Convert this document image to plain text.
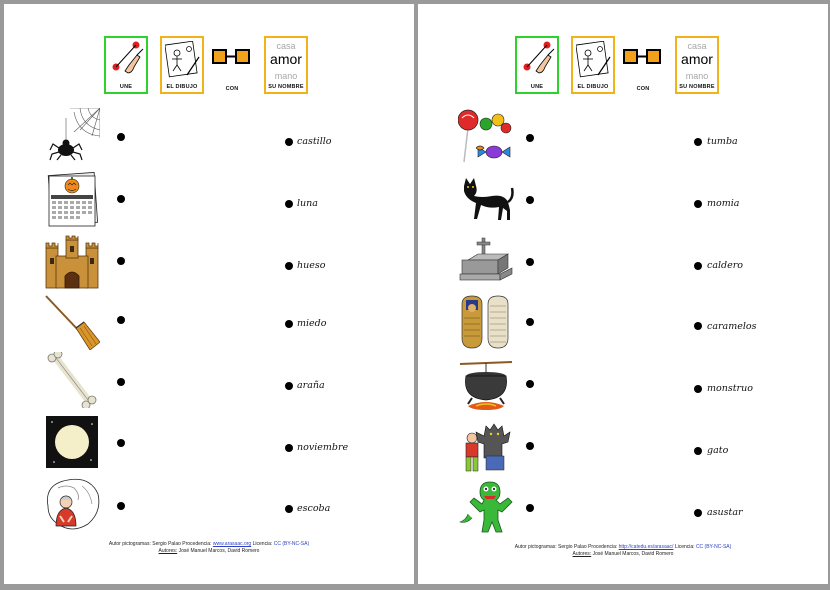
UNE	EL DIBUJO	CON
casa
amor
mano
SU NOMBRE
castillo
luna
hueso
miedo
araña
noviembre
escoba
Autor pictogramas: Sergio Palao Procedencia: www.arasaac.org Licencia: CC (BY-NC-SA)
Autores: José Manuel Marcos, David Romero
UNE	EL DIBUJO	CON
casa
amor
mano
SU NOMBRE
tumba
momia
caldero
caramelos
monstruo
gato
asustar
Autor pictogramas: Sergio Palao Procedencia: http://catedu.es/arasaac/ Licencia: CC (BY-NC-SA)
Autores: José Manuel Marcos, David Romero
